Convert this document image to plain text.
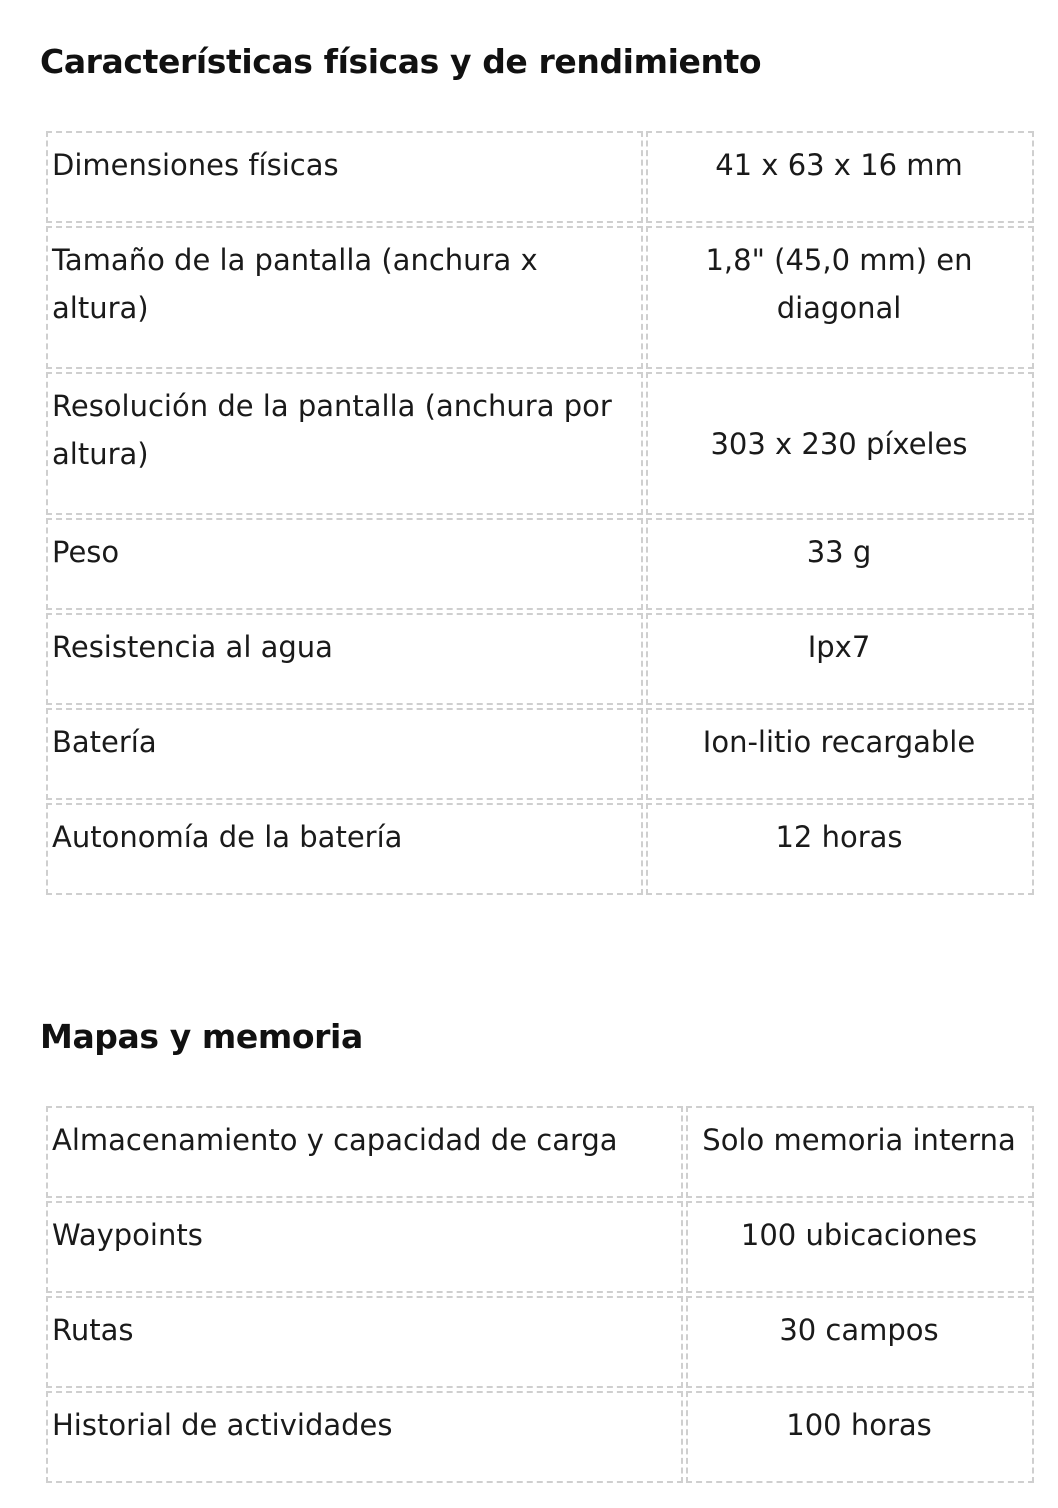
Características físicas y de rendimiento
Dimensiones físicas	41 x 63 x 16 mm
Tamaño de la pantalla (anchura x altura)	1,8" (45,0 mm) en diagonal
Resolución de la pantalla (anchura por altura)	303 x 230 píxeles
Peso	33 g
Resistencia al agua	Ipx7
Batería	Ion-litio recargable
Autonomía de la batería	12 horas
Mapas y memoria
Almacenamiento y capacidad de carga	Solo memoria interna
Waypoints	100 ubicaciones
Rutas	30 campos
Historial de actividades	100 horas
